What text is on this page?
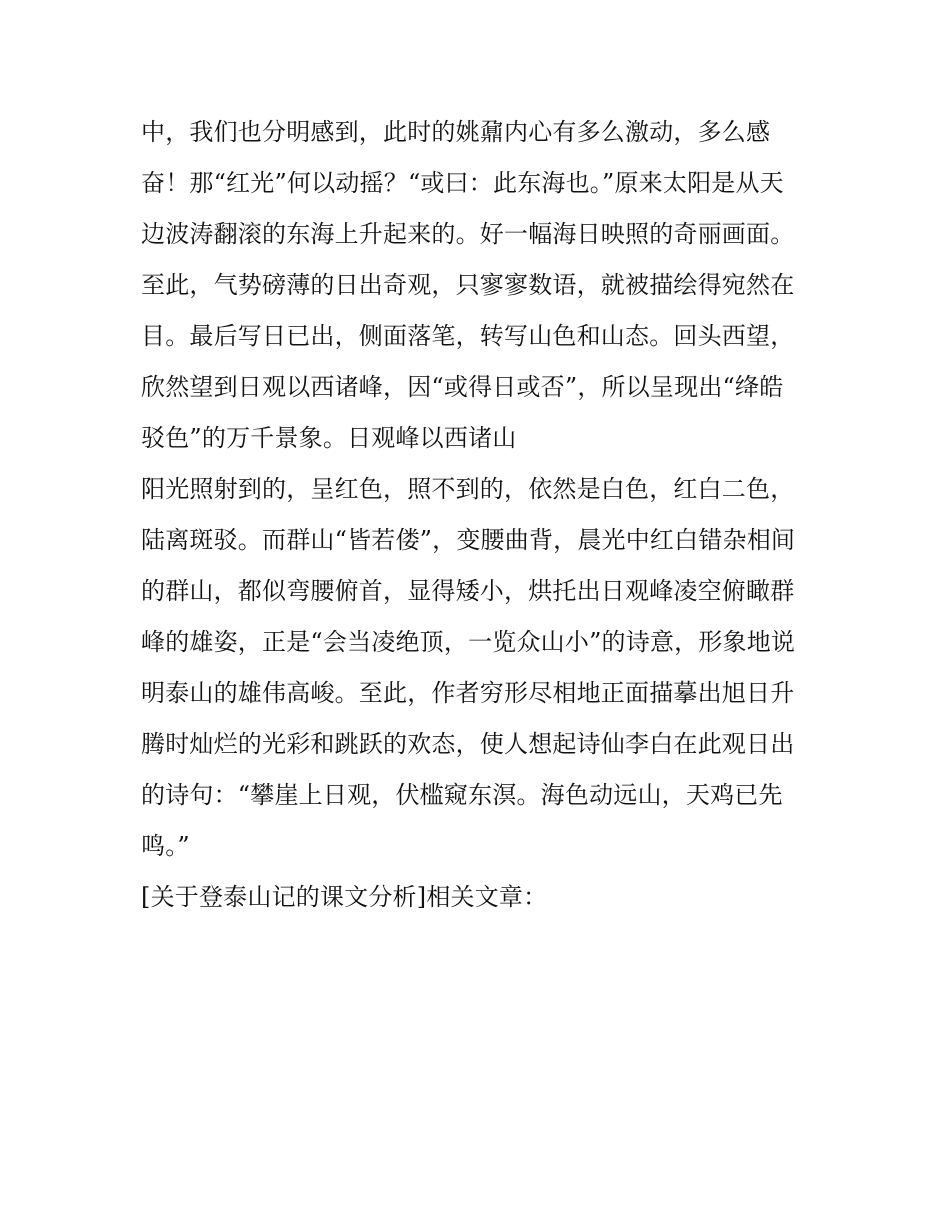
中，我们也分明感到，此时的姚鼐内心有多么激动，多么感
奋！那“红光”何以动摇？“或曰：此东海也。”原来太阳是从天
边波涛翻滚的东海上升起来的。好一幅海日映照的奇丽画面。
至此，气势磅薄的日出奇观，只寥寥数语，就被描绘得宛然在
目。最后写日已出，侧面落笔，转写山色和山态。回头西望，
欣然望到日观以西诸峰，因“或得日或否”，所以呈现出“绛皓
驳色”的万千景象。日观峰以西诸山
阳光照射到的，呈红色，照不到的，依然是白色，红白二色，
陆离斑驳。而群山“皆若偻”，变腰曲背，晨光中红白错杂相间
的群山，都似弯腰俯首，显得矮小，烘托出日观峰凌空俯瞰群
峰的雄姿，正是“会当凌绝顶，一览众山小”的诗意，形象地说
明泰山的雄伟高峻。至此，作者穷形尽相地正面描摹出旭日升
腾时灿烂的光彩和跳跃的欢态，使人想起诗仙李白在此观日出
的诗句：“攀崖上日观，伏槛窥东溟。海色动远山，天鸡已先
鸣。”
[关于登泰山记的课文分析]相关文章：
